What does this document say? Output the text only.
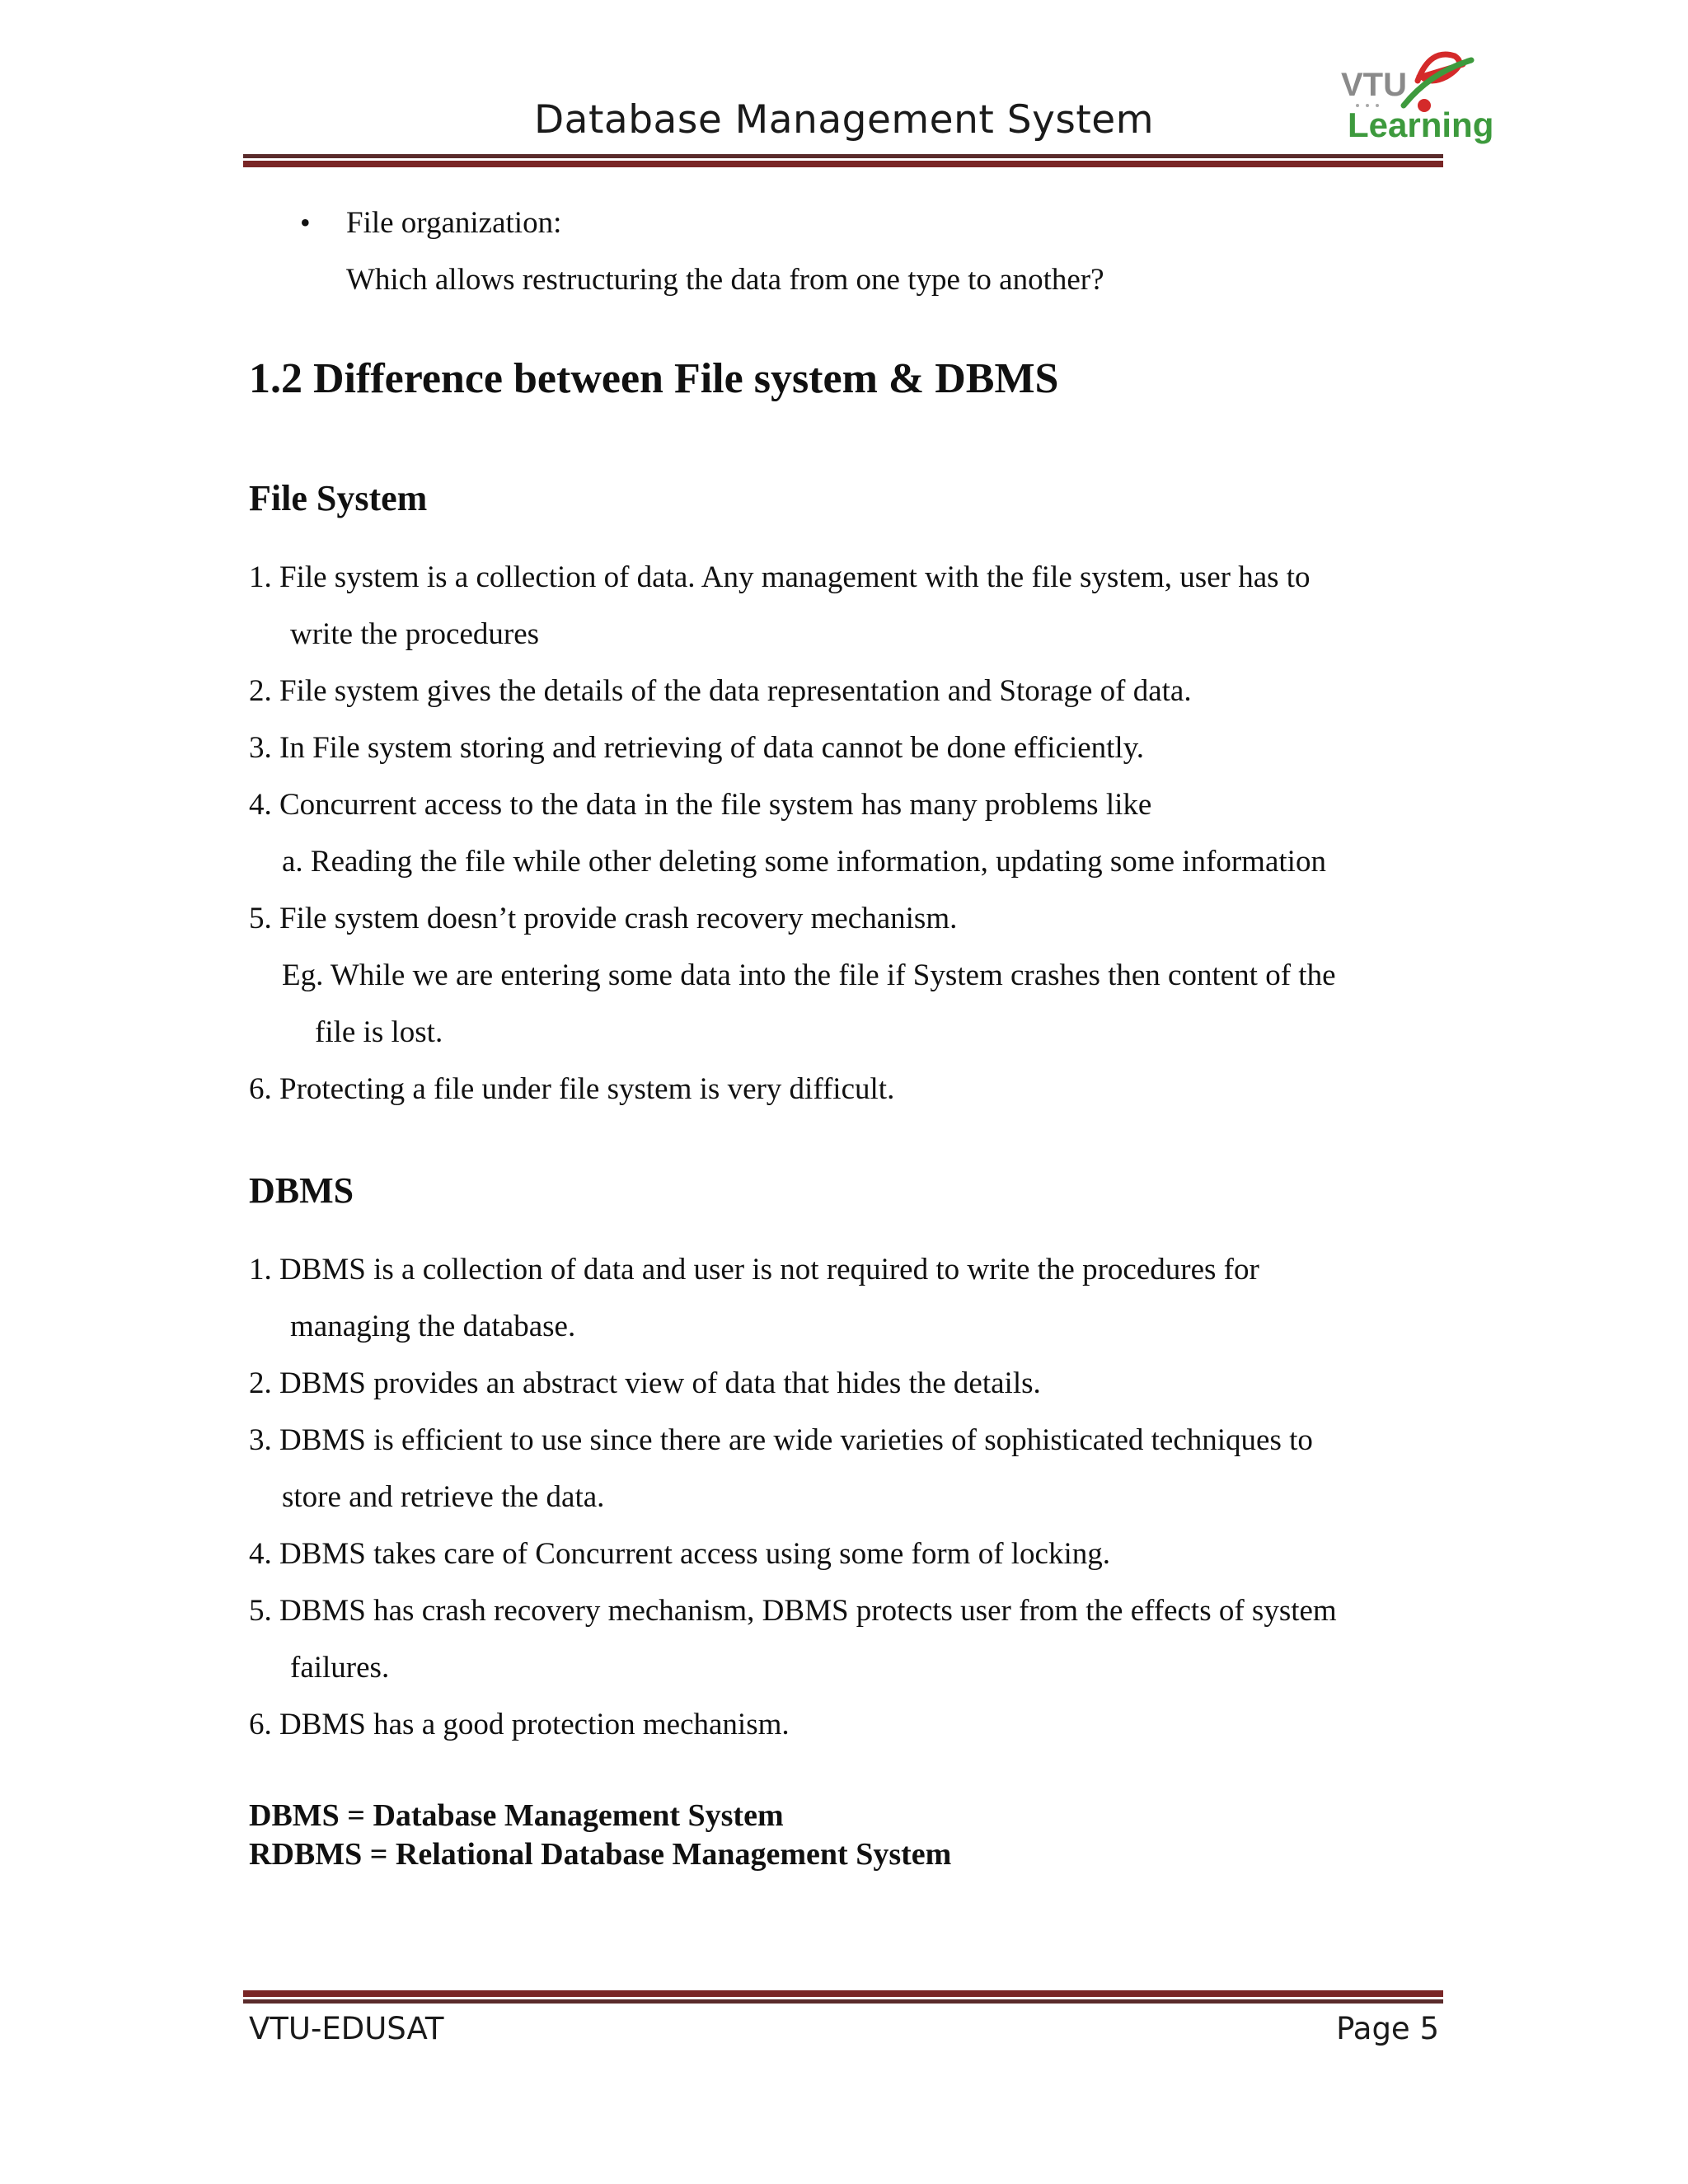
Database Management System
VTU
Learning
• File organization:
Which allows restructuring the data from one type to another?
1.2 Difference between File system & DBMS
File System
1. File system is a collection of data. Any management with the file system, user has to
write the procedures
2. File system gives the details of the data representation and Storage of data.
3. In File system storing and retrieving of data cannot be done efficiently.
4. Concurrent access to the data in the file system has many problems like
a. Reading the file while other deleting some information, updating some information
5. File system doesn’t provide crash recovery mechanism.
Eg. While we are entering some data into the file if System crashes then content of the
file is lost.
6. Protecting a file under file system is very difficult.
DBMS
1. DBMS is a collection of data and user is not required to write the procedures for
managing the database.
2. DBMS provides an abstract view of data that hides the details.
3. DBMS is efficient to use since there are wide varieties of sophisticated techniques to
store and retrieve the data.
4. DBMS takes care of Concurrent access using some form of locking.
5. DBMS has crash recovery mechanism, DBMS protects user from the effects of system
failures.
6. DBMS has a good protection mechanism.
DBMS = Database Management System
RDBMS = Relational Database Management System
VTU-EDUSAT	Page 5
